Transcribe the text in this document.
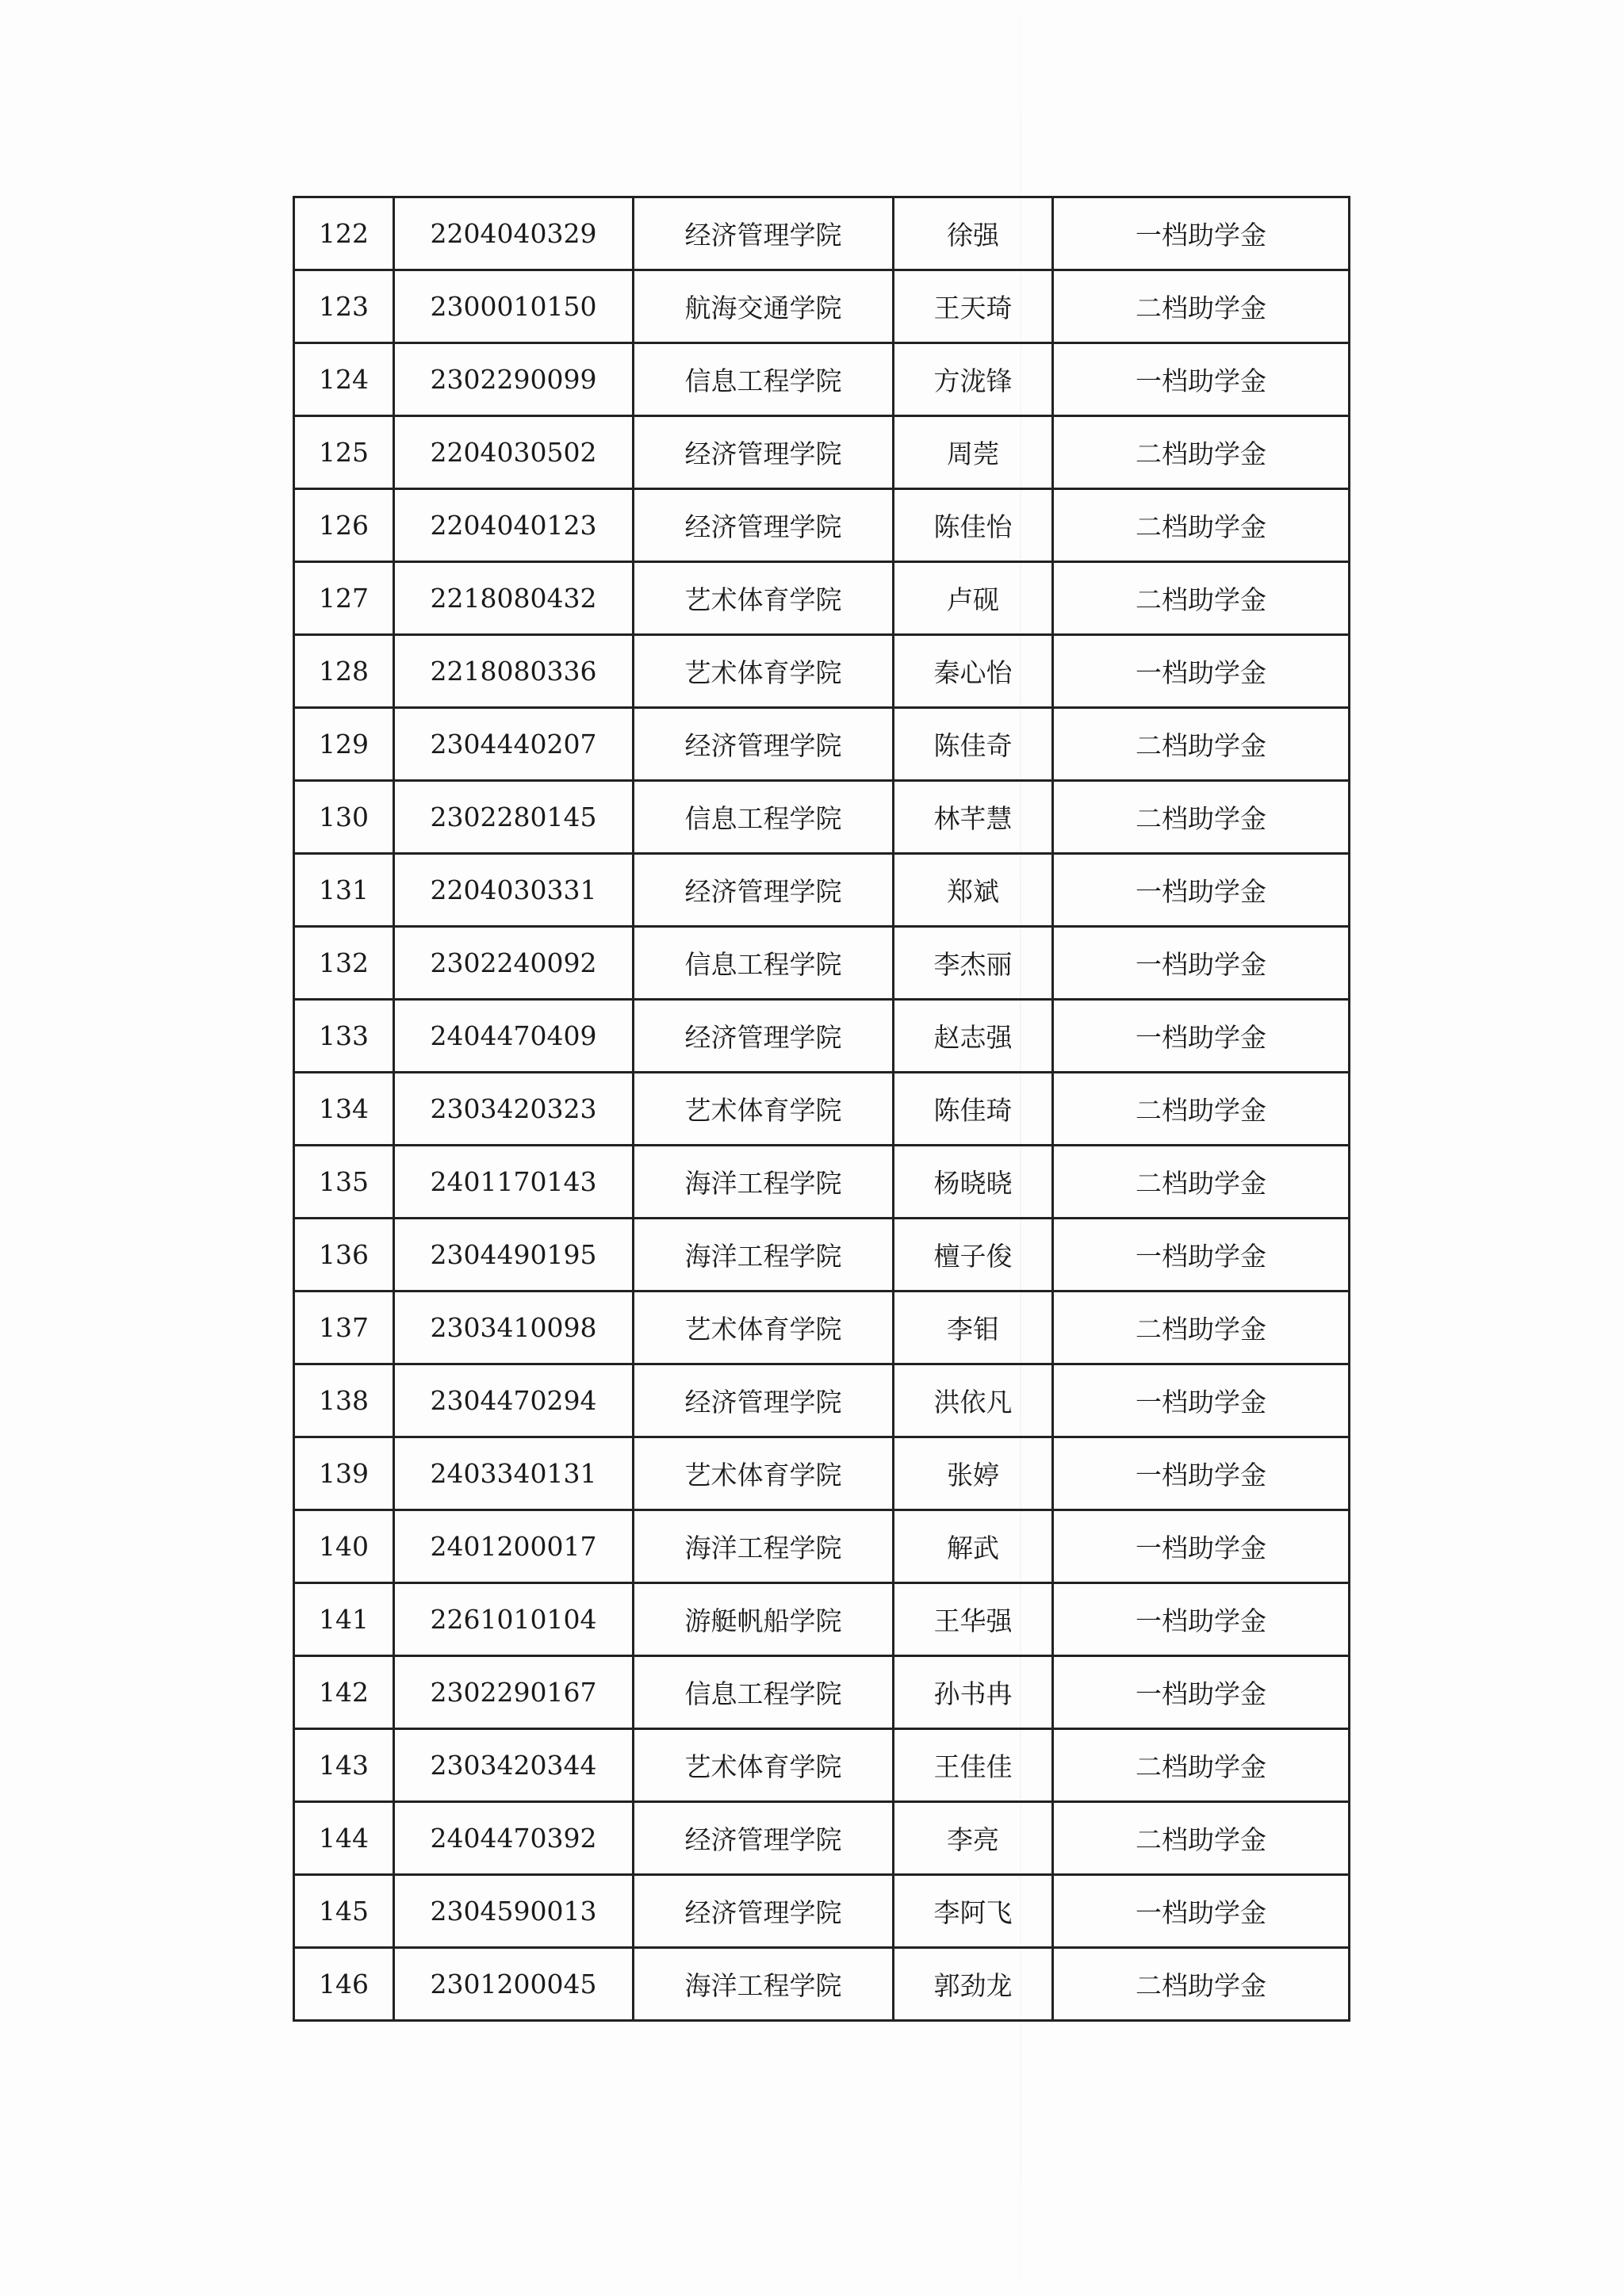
122	2204040329	经济管理学院	徐强	一档助学金
123	2300010150	航海交通学院	王天琦	二档助学金
124	2302290099	信息工程学院	方泷锋	一档助学金
125	2204030502	经济管理学院	周莞	二档助学金
126	2204040123	经济管理学院	陈佳怡	二档助学金
127	2218080432	艺术体育学院	卢砚	二档助学金
128	2218080336	艺术体育学院	秦心怡	一档助学金
129	2304440207	经济管理学院	陈佳奇	二档助学金
130	2302280145	信息工程学院	林芊慧	二档助学金
131	2204030331	经济管理学院	郑斌	一档助学金
132	2302240092	信息工程学院	李杰丽	一档助学金
133	2404470409	经济管理学院	赵志强	一档助学金
134	2303420323	艺术体育学院	陈佳琦	二档助学金
135	2401170143	海洋工程学院	杨晓晓	二档助学金
136	2304490195	海洋工程学院	檀子俊	一档助学金
137	2303410098	艺术体育学院	李钼	二档助学金
138	2304470294	经济管理学院	洪依凡	一档助学金
139	2403340131	艺术体育学院	张婷	一档助学金
140	2401200017	海洋工程学院	解武	一档助学金
141	2261010104	游艇帆船学院	王华强	一档助学金
142	2302290167	信息工程学院	孙书冉	一档助学金
143	2303420344	艺术体育学院	王佳佳	二档助学金
144	2404470392	经济管理学院	李亮	二档助学金
145	2304590013	经济管理学院	李阿飞	一档助学金
146	2301200045	海洋工程学院	郭劲龙	二档助学金
